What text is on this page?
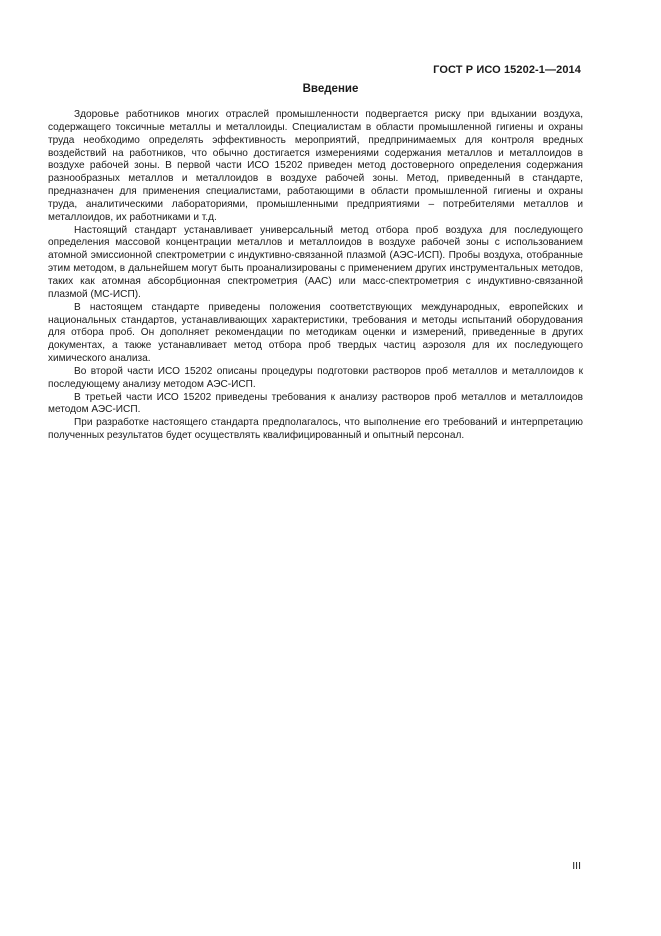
ГОСТ Р ИСО 15202-1—2014
Введение

Здоровье работников многих отраслей промышленности подвергается риску при вдыхании воздуха, содержащего токсичные металлы и металлоиды. Специалистам в области промышленной гигиены и охраны труда необходимо определять эффективность мероприятий, предпринимаемых для контроля вредных воздействий на работников, что обычно достигается измерениями содержания металлов и металлоидов в воздухе рабочей зоны. В первой части ИСО 15202 приведен метод достоверного определения содержания разнообразных металлов и металлоидов в воздухе рабочей зоны. Метод, приведенный в стандарте, предназначен для применения специалистами, работающими в области промышленной гигиены и охраны труда, аналитическими лабораториями, промышленными предприятиями – потребителями металлов и металлоидов, их работниками и т.д.

Настоящий стандарт устанавливает универсальный метод отбора проб воздуха для последующего определения массовой концентрации металлов и металлоидов в воздухе рабочей зоны с использованием атомной эмиссионной спектрометрии с индуктивно-связанной плазмой (АЭС-ИСП). Пробы воздуха, отобранные этим методом, в дальнейшем могут быть проанализированы с применением других инструментальных методов, таких как атомная абсорбционная спектрометрия (ААС) или масс-спектрометрия с индуктивно-связанной плазмой (МС-ИСП).

В настоящем стандарте приведены положения соответствующих международных, европейских и национальных стандартов, устанавливающих характеристики, требования и методы испытаний оборудования для отбора проб. Он дополняет рекомендации по методикам оценки и измерений, приведенные в других документах, а также устанавливает метод отбора проб твердых частиц аэрозоля для их последующего химического анализа.

Во второй части ИСО 15202 описаны процедуры подготовки растворов проб металлов и металлоидов к последующему анализу методом АЭС-ИСП.

В третьей части ИСО 15202 приведены требования к анализу растворов проб металлов и металлоидов методом АЭС-ИСП.

При разработке настоящего стандарта предполагалось, что выполнение его требований и интерпретацию полученных результатов будет осуществлять квалифицированный и опытный персонал.

III
